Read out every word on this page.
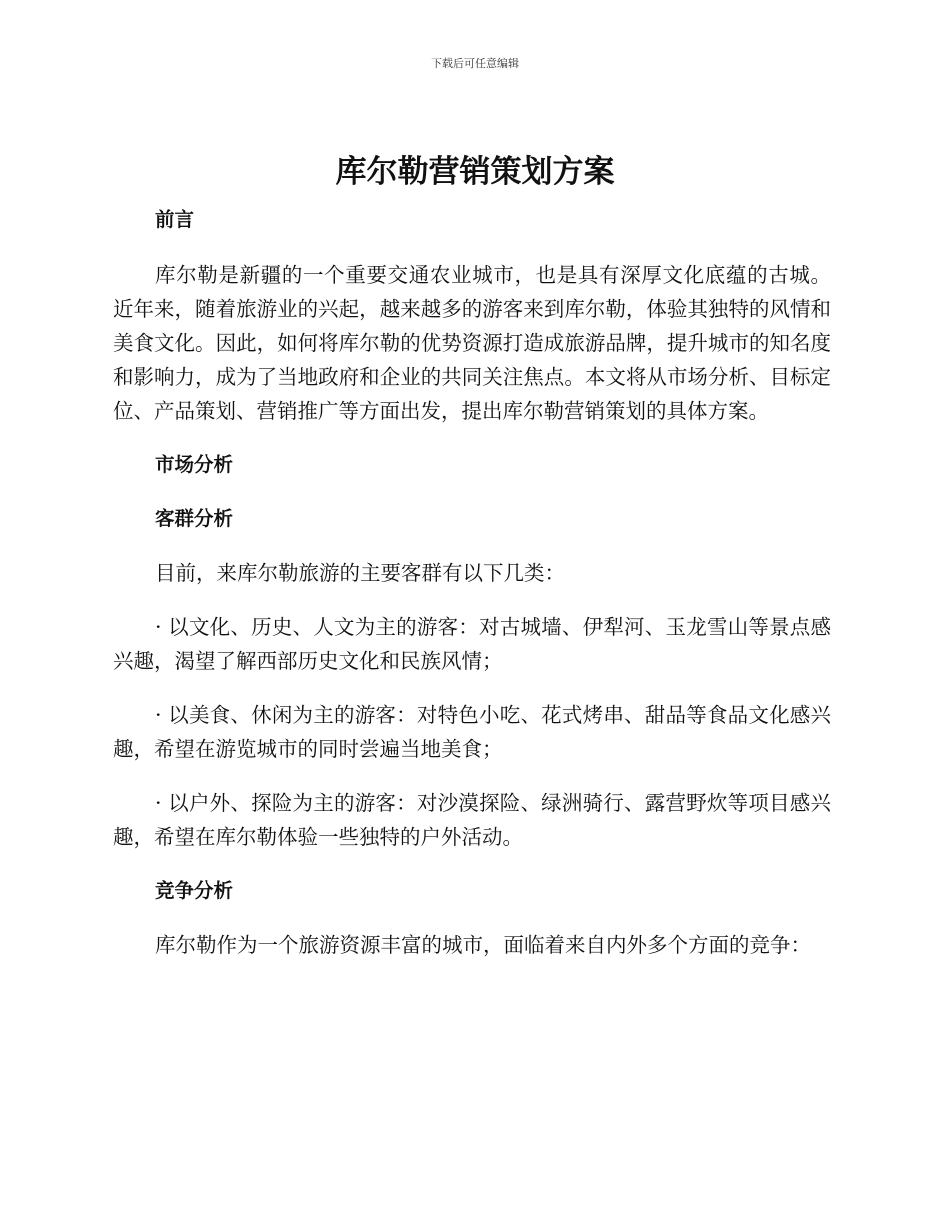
下载后可任意编辑
库尔勒营销策划方案

前言

库尔勒是新疆的一个重要交通农业城市，也是具有深厚文化底蕴的古城。近年来，随着旅游业的兴起，越来越多的游客来到库尔勒，体验其独特的风情和美食文化。因此，如何将库尔勒的优势资源打造成旅游品牌，提升城市的知名度和影响力，成为了当地政府和企业的共同关注焦点。本文将从市场分析、目标定位、产品策划、营销推广等方面出发，提出库尔勒营销策划的具体方案。

市场分析

客群分析

目前，来库尔勒旅游的主要客群有以下几类：

· 以文化、历史、人文为主的游客：对古城墙、伊犁河、玉龙雪山等景点感兴趣，渴望了解西部历史文化和民族风情；

· 以美食、休闲为主的游客：对特色小吃、花式烤串、甜品等食品文化感兴趣，希望在游览城市的同时尝遍当地美食；

· 以户外、探险为主的游客：对沙漠探险、绿洲骑行、露营野炊等项目感兴趣，希望在库尔勒体验一些独特的户外活动。

竞争分析

库尔勒作为一个旅游资源丰富的城市，面临着来自内外多个方面的竞争：
